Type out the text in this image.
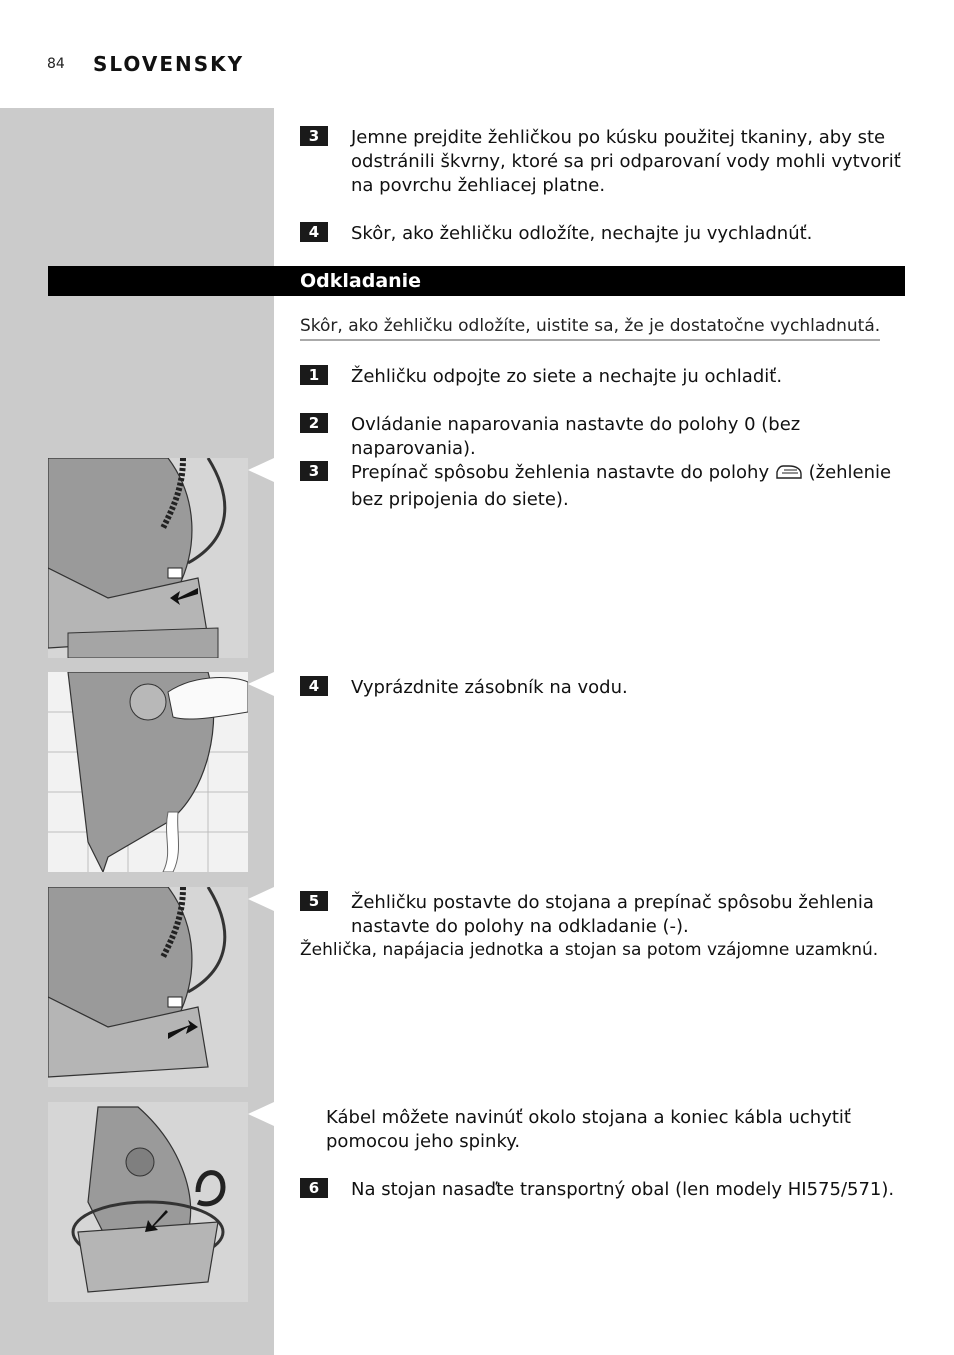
84 SLOVENSKY
3	Jemne prejdite žehličkou po kúsku použitej tkaniny, aby ste odstránili škvrny, ktoré sa pri odparovaní vody mohli vytvoriť na povrchu žehliacej platne.
4	Skôr, ako žehličku odložíte, nechajte ju vychladnúť.
Odkladanie
Skôr, ako žehličku odložíte, uistite sa, že je dostatočne vychladnutá.
1	Žehličku odpojte zo siete a nechajte ju ochladiť.
2	Ovládanie naparovania nastavte do polohy 0 (bez naparovania).
3	Prepínač spôsobu žehlenia nastavte do polohy (žehlenie bez pripojenia do siete).
4	Vyprázdnite zásobník na vodu.
5	Žehličku postavte do stojana a prepínač spôsobu žehlenia nastavte do polohy na odkladanie (-).
Žehlička, napájacia jednotka a stojan sa potom vzájomne uzamknú.
Kábel môžete navinúť okolo stojana a koniec kábla uchytiť pomocou jeho spinky.
6	Na stojan nasaďte transportný obal (len modely HI575/571).
